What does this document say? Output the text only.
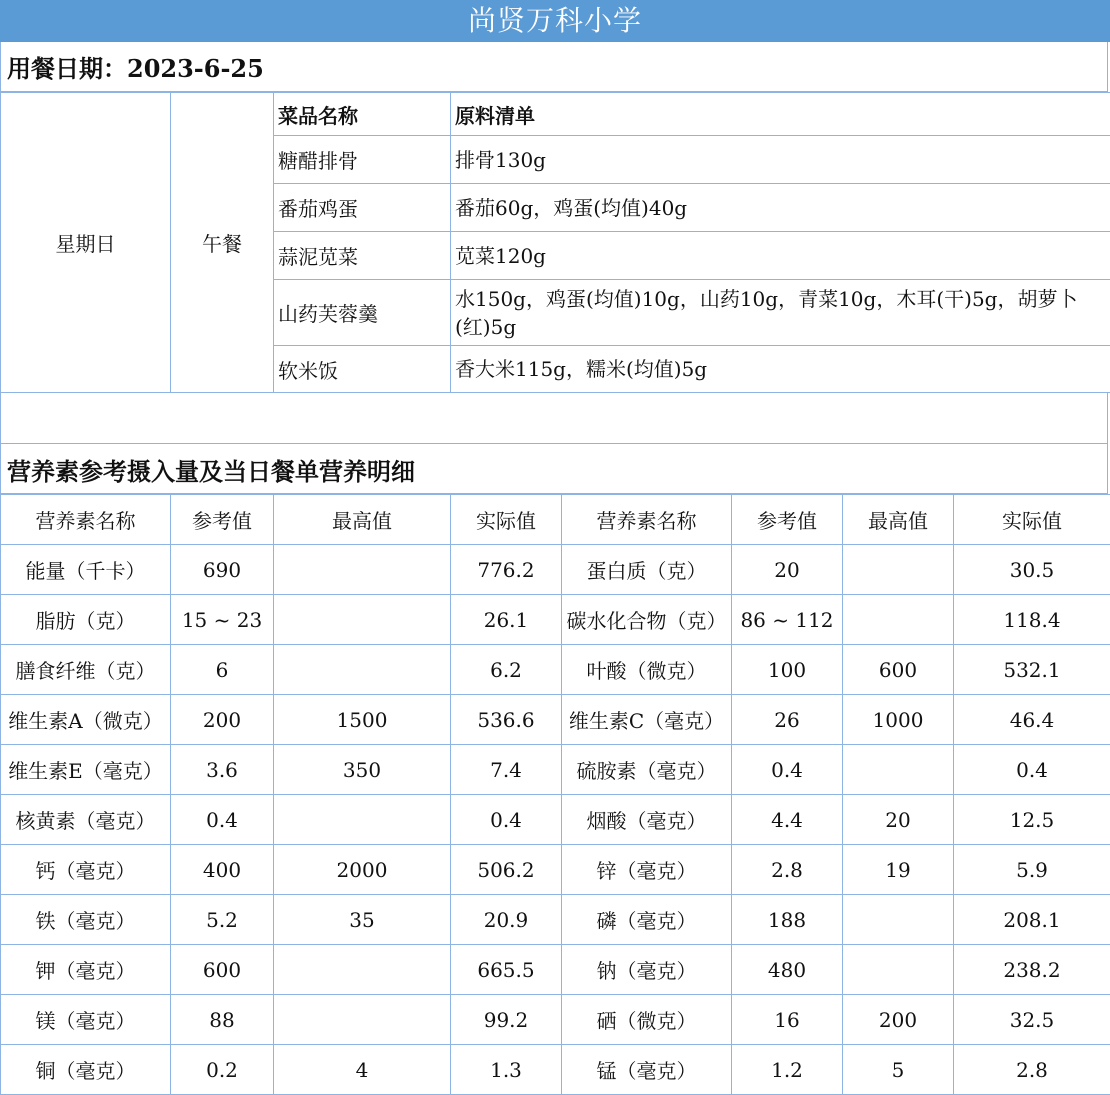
尚贤万科小学
用餐日期：2023-6-25
星期日	午餐	菜品名称	原料清单
		糖醋排骨	排骨130g
		番茄鸡蛋	番茄60g，鸡蛋(均值)40g
		蒜泥苋菜	苋菜120g
		山药芙蓉羹	水150g，鸡蛋(均值)10g，山药10g，青菜10g，木耳(干)5g，胡萝卜(红)5g
		软米饭	香大米115g，糯米(均值)5g
营养素参考摄入量及当日餐单营养明细
营养素名称	参考值	最高值	实际值	营养素名称	参考值	最高值	实际值
能量（千卡）	690		776.2	蛋白质（克）	20		30.5
脂肪（克）	15 ~ 23		26.1	碳水化合物（克）	86 ~ 112		118.4
膳食纤维（克）	6		6.2	叶酸（微克）	100	600	532.1
维生素A（微克）	200	1500	536.6	维生素C（毫克）	26	1000	46.4
维生素E（毫克）	3.6	350	7.4	硫胺素（毫克）	0.4		0.4
核黄素（毫克）	0.4		0.4	烟酸（毫克）	4.4	20	12.5
钙（毫克）	400	2000	506.2	锌（毫克）	2.8	19	5.9
铁（毫克）	5.2	35	20.9	磷（毫克）	188		208.1
钾（毫克）	600		665.5	钠（毫克）	480		238.2
镁（毫克）	88		99.2	硒（微克）	16	200	32.5
铜（毫克）	0.2	4	1.3	锰（毫克）	1.2	5	2.8
